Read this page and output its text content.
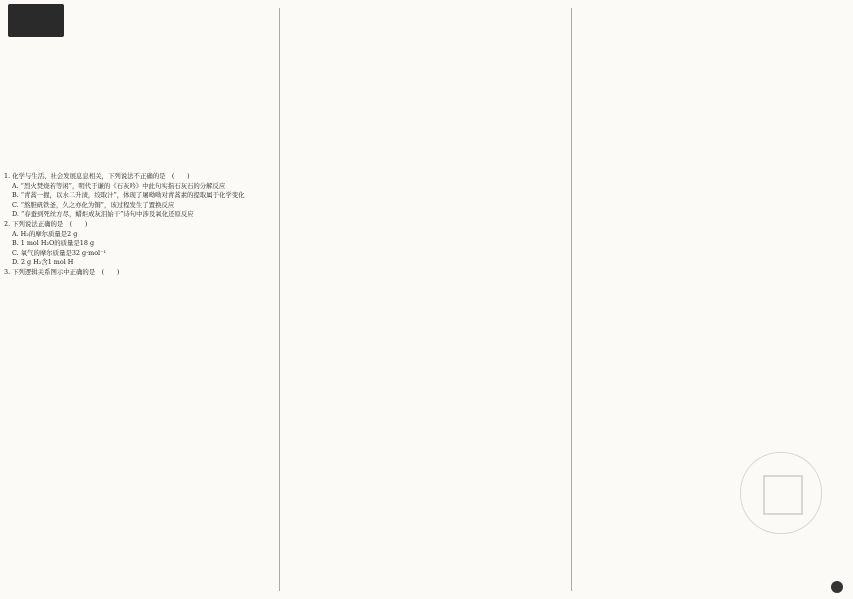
1. 化学与生活、社会发展息息相关，下列说法不正确的是　(　　)
A. “烈火焚烧若等闲”，明代于谦的《石灰吟》中此句实指石灰石的分解反应
B. “青蒿一握，以水二升渍，绞取汁”，体现了屠呦呦对青蒿素的提取属于化学变化
C. “熬胆矾铁釜，久之亦化为铜”，该过程发生了置换反应
D. “春蚕到死丝方尽，蜡炬成灰泪始干”诗句中涉及氧化还原反应
2. 下列说法正确的是　(　　)
A. H₂的摩尔质量是2 g
B. 1 mol H₂O的质量是18 g
C. 氧气的摩尔质量是32 g·mol⁻¹
D. 2 g H₂含1 mol H
3. 下列逻辑关系图示中正确的是　(　　)
